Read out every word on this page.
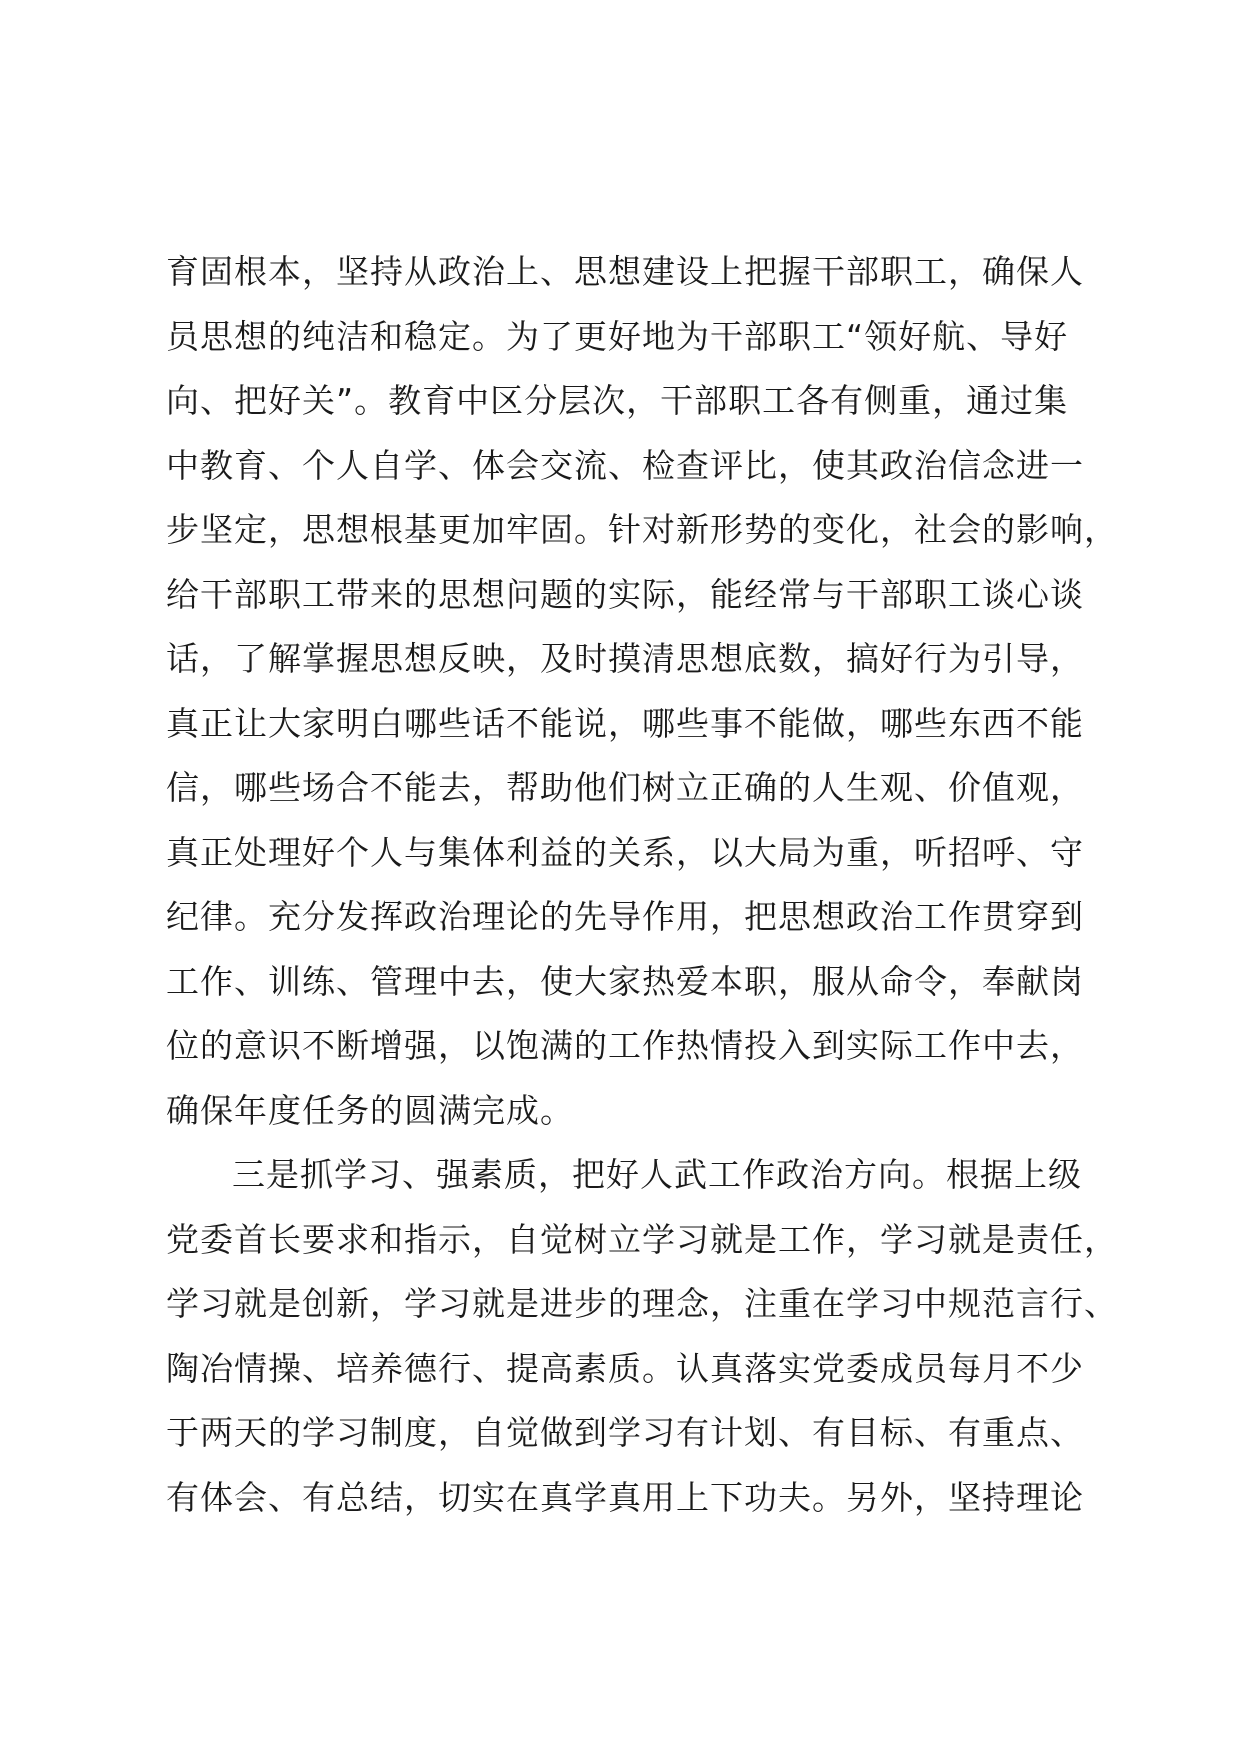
育固根本，坚持从政治上、思想建设上把握干部职工，确保人
员思想的纯洁和稳定。为了更好地为干部职工“领好航、导好
向、把好关”。教育中区分层次，干部职工各有侧重，通过集
中教育、个人自学、体会交流、检查评比，使其政治信念进一
步坚定，思想根基更加牢固。针对新形势的变化，社会的影响，
给干部职工带来的思想问题的实际，能经常与干部职工谈心谈
话，了解掌握思想反映，及时摸清思想底数，搞好行为引导，
真正让大家明白哪些话不能说，哪些事不能做，哪些东西不能
信，哪些场合不能去，帮助他们树立正确的人生观、价值观，
真正处理好个人与集体利益的关系，以大局为重，听招呼、守
纪律。充分发挥政治理论的先导作用，把思想政治工作贯穿到
工作、训练、管理中去，使大家热爱本职，服从命令，奉献岗
位的意识不断增强，以饱满的工作热情投入到实际工作中去，
确保年度任务的圆满完成。
三是抓学习、强素质，把好人武工作政治方向。根据上级
党委首长要求和指示，自觉树立学习就是工作，学习就是责任，
学习就是创新，学习就是进步的理念，注重在学习中规范言行、
陶冶情操、培养德行、提高素质。认真落实党委成员每月不少
于两天的学习制度，自觉做到学习有计划、有目标、有重点、
有体会、有总结，切实在真学真用上下功夫。另外，坚持理论
